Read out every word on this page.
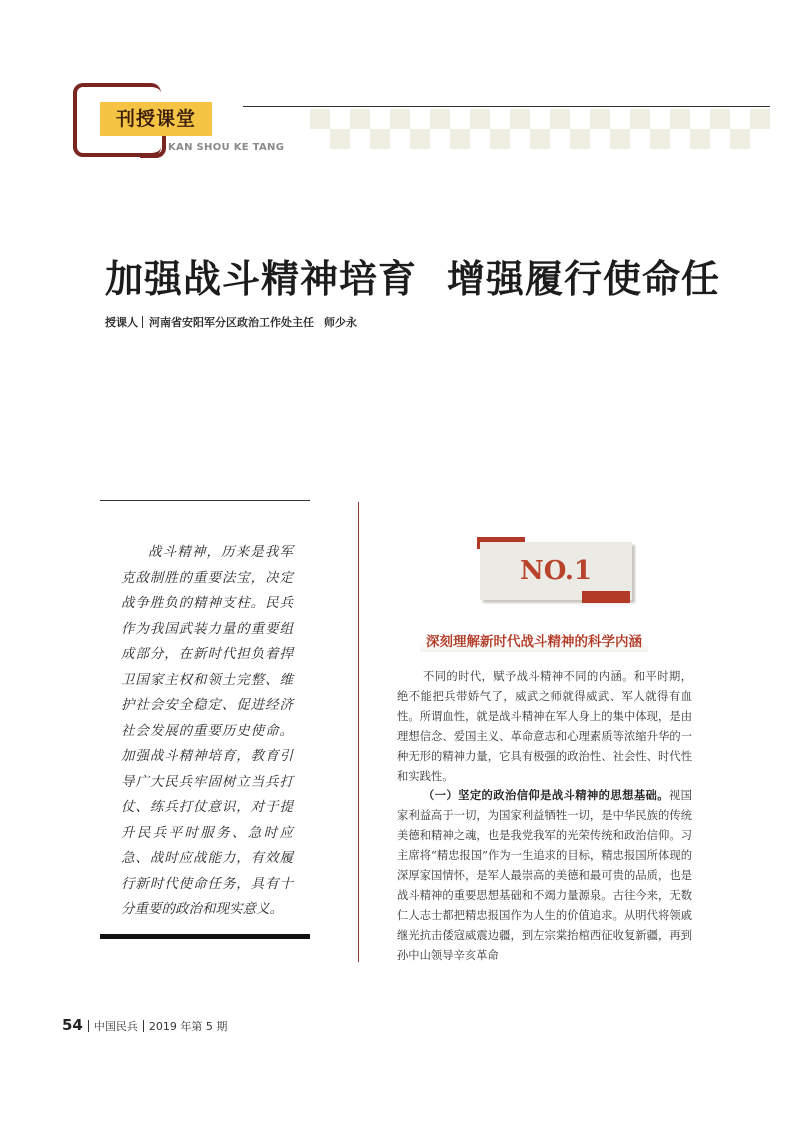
刊授课堂
KAN SHOU KE TANG
加强战斗精神培育 增强履行使命任
授课人 河南省安阳军分区政治工作处主任 师少永
战斗精神，历来是我军克敌制胜的重要法宝，决定战争胜负的精神支柱。民兵作为我国武装力量的重要组成部分，在新时代担负着捍卫国家主权和领土完整、维护社会安全稳定、促进经济社会发展的重要历史使命。加强战斗精神培育，教育引导广大民兵牢固树立当兵打仗、练兵打仗意识，对于提升民兵平时服务、急时应急、战时应战能力，有效履行新时代使命任务，具有十分重要的政治和现实意义。
NO.1
深刻理解新时代战斗精神的科学内涵

不同的时代，赋予战斗精神不同的内涵。和平时期，绝不能把兵带娇气了，威武之师就得威武、军人就得有血性。所谓血性，就是战斗精神在军人身上的集中体现，是由理想信念、爱国主义、革命意志和心理素质等浓缩升华的一种无形的精神力量，它具有极强的政治性、社会性、时代性和实践性。

（一）坚定的政治信仰是战斗精神的思想基础。视国家利益高于一切，为国家利益牺牲一切，是中华民族的传统美德和精神之魂，也是我党我军的光荣传统和政治信仰。习主席将“精忠报国”作为一生追求的目标，精忠报国所体现的深厚家国情怀，是军人最崇高的美德和最可贵的品质，也是战斗精神的重要思想基础和不竭力量源泉。古往今来，无数仁人志士都把精忠报国作为人生的价值追求。从明代将领戚继光抗击倭寇威震边疆，到左宗棠抬棺西征收复新疆，再到孙中山领导辛亥革命

54 中国民兵 2019 年第 5 期
